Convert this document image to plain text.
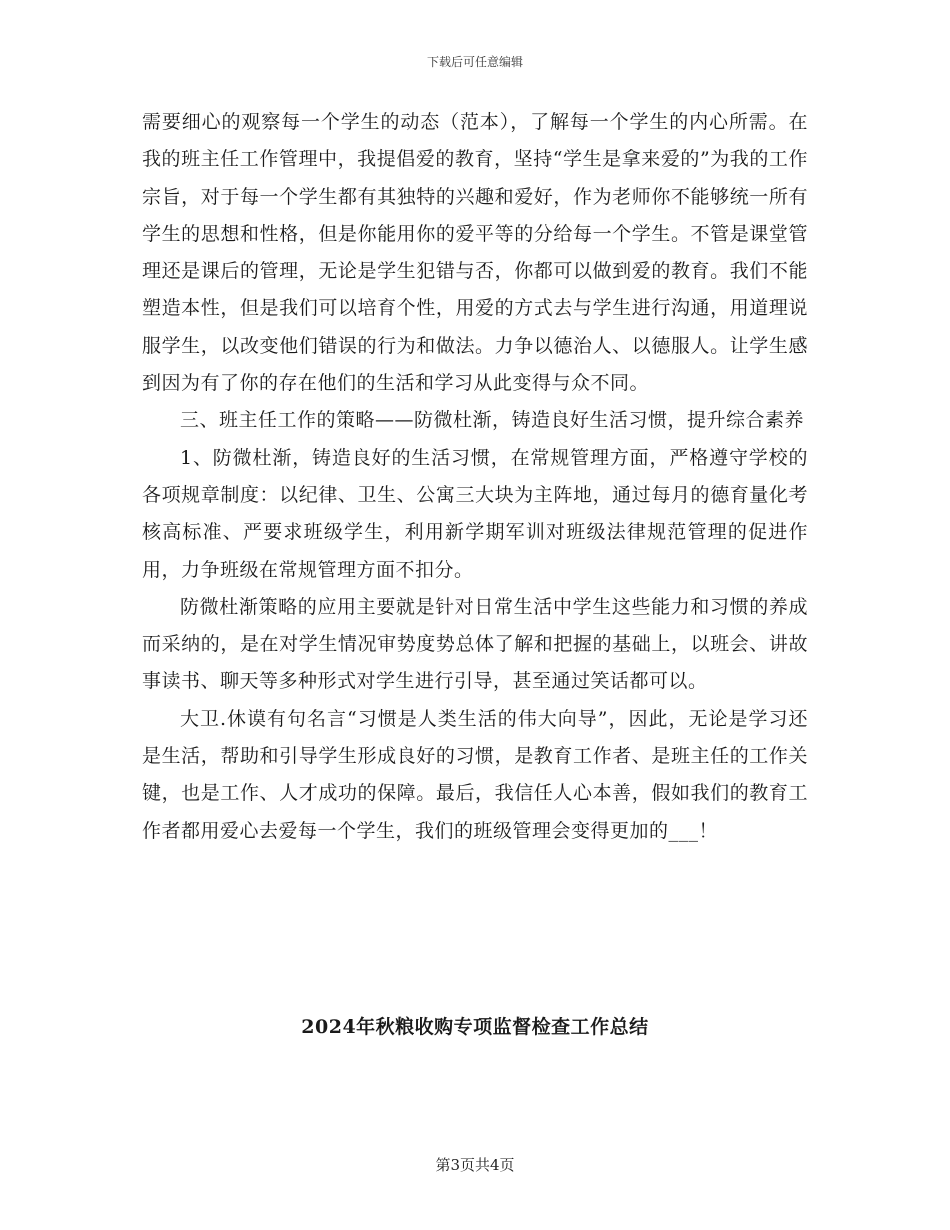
下载后可任意编辑

需要细心的观察每一个学生的动态（范本），了解每一个学生的内心所需。在我的班主任工作管理中，我提倡爱的教育，坚持“学生是拿来爱的”为我的工作宗旨，对于每一个学生都有其独特的兴趣和爱好，作为老师你不能够统一所有学生的思想和性格，但是你能用你的爱平等的分给每一个学生。不管是课堂管理还是课后的管理，无论是学生犯错与否，你都可以做到爱的教育。我们不能塑造本性，但是我们可以培育个性，用爱的方式去与学生进行沟通，用道理说服学生，以改变他们错误的行为和做法。力争以德治人、以德服人。让学生感到因为有了你的存在他们的生活和学习从此变得与众不同。

三、班主任工作的策略——防微杜渐，铸造良好生活习惯，提升综合素养

1、防微杜渐，铸造良好的生活习惯，在常规管理方面，严格遵守学校的各项规章制度：以纪律、卫生、公寓三大块为主阵地，通过每月的德育量化考核高标准、严要求班级学生，利用新学期军训对班级法律规范管理的促进作用，力争班级在常规管理方面不扣分。

防微杜渐策略的应用主要就是针对日常生活中学生这些能力和习惯的养成而采纳的，是在对学生情况审势度势总体了解和把握的基础上，以班会、讲故事读书、聊天等多种形式对学生进行引导，甚至通过笑话都可以。

大卫.休谟有句名言“习惯是人类生活的伟大向导”，因此，无论是学习还是生活，帮助和引导学生形成良好的习惯，是教育工作者、是班主任的工作关键，也是工作、人才成功的保障。最后，我信任人心本善，假如我们的教育工作者都用爱心去爱每一个学生，我们的班级管理会变得更加的___！

2024年秋粮收购专项监督检查工作总结
第3页共4页
